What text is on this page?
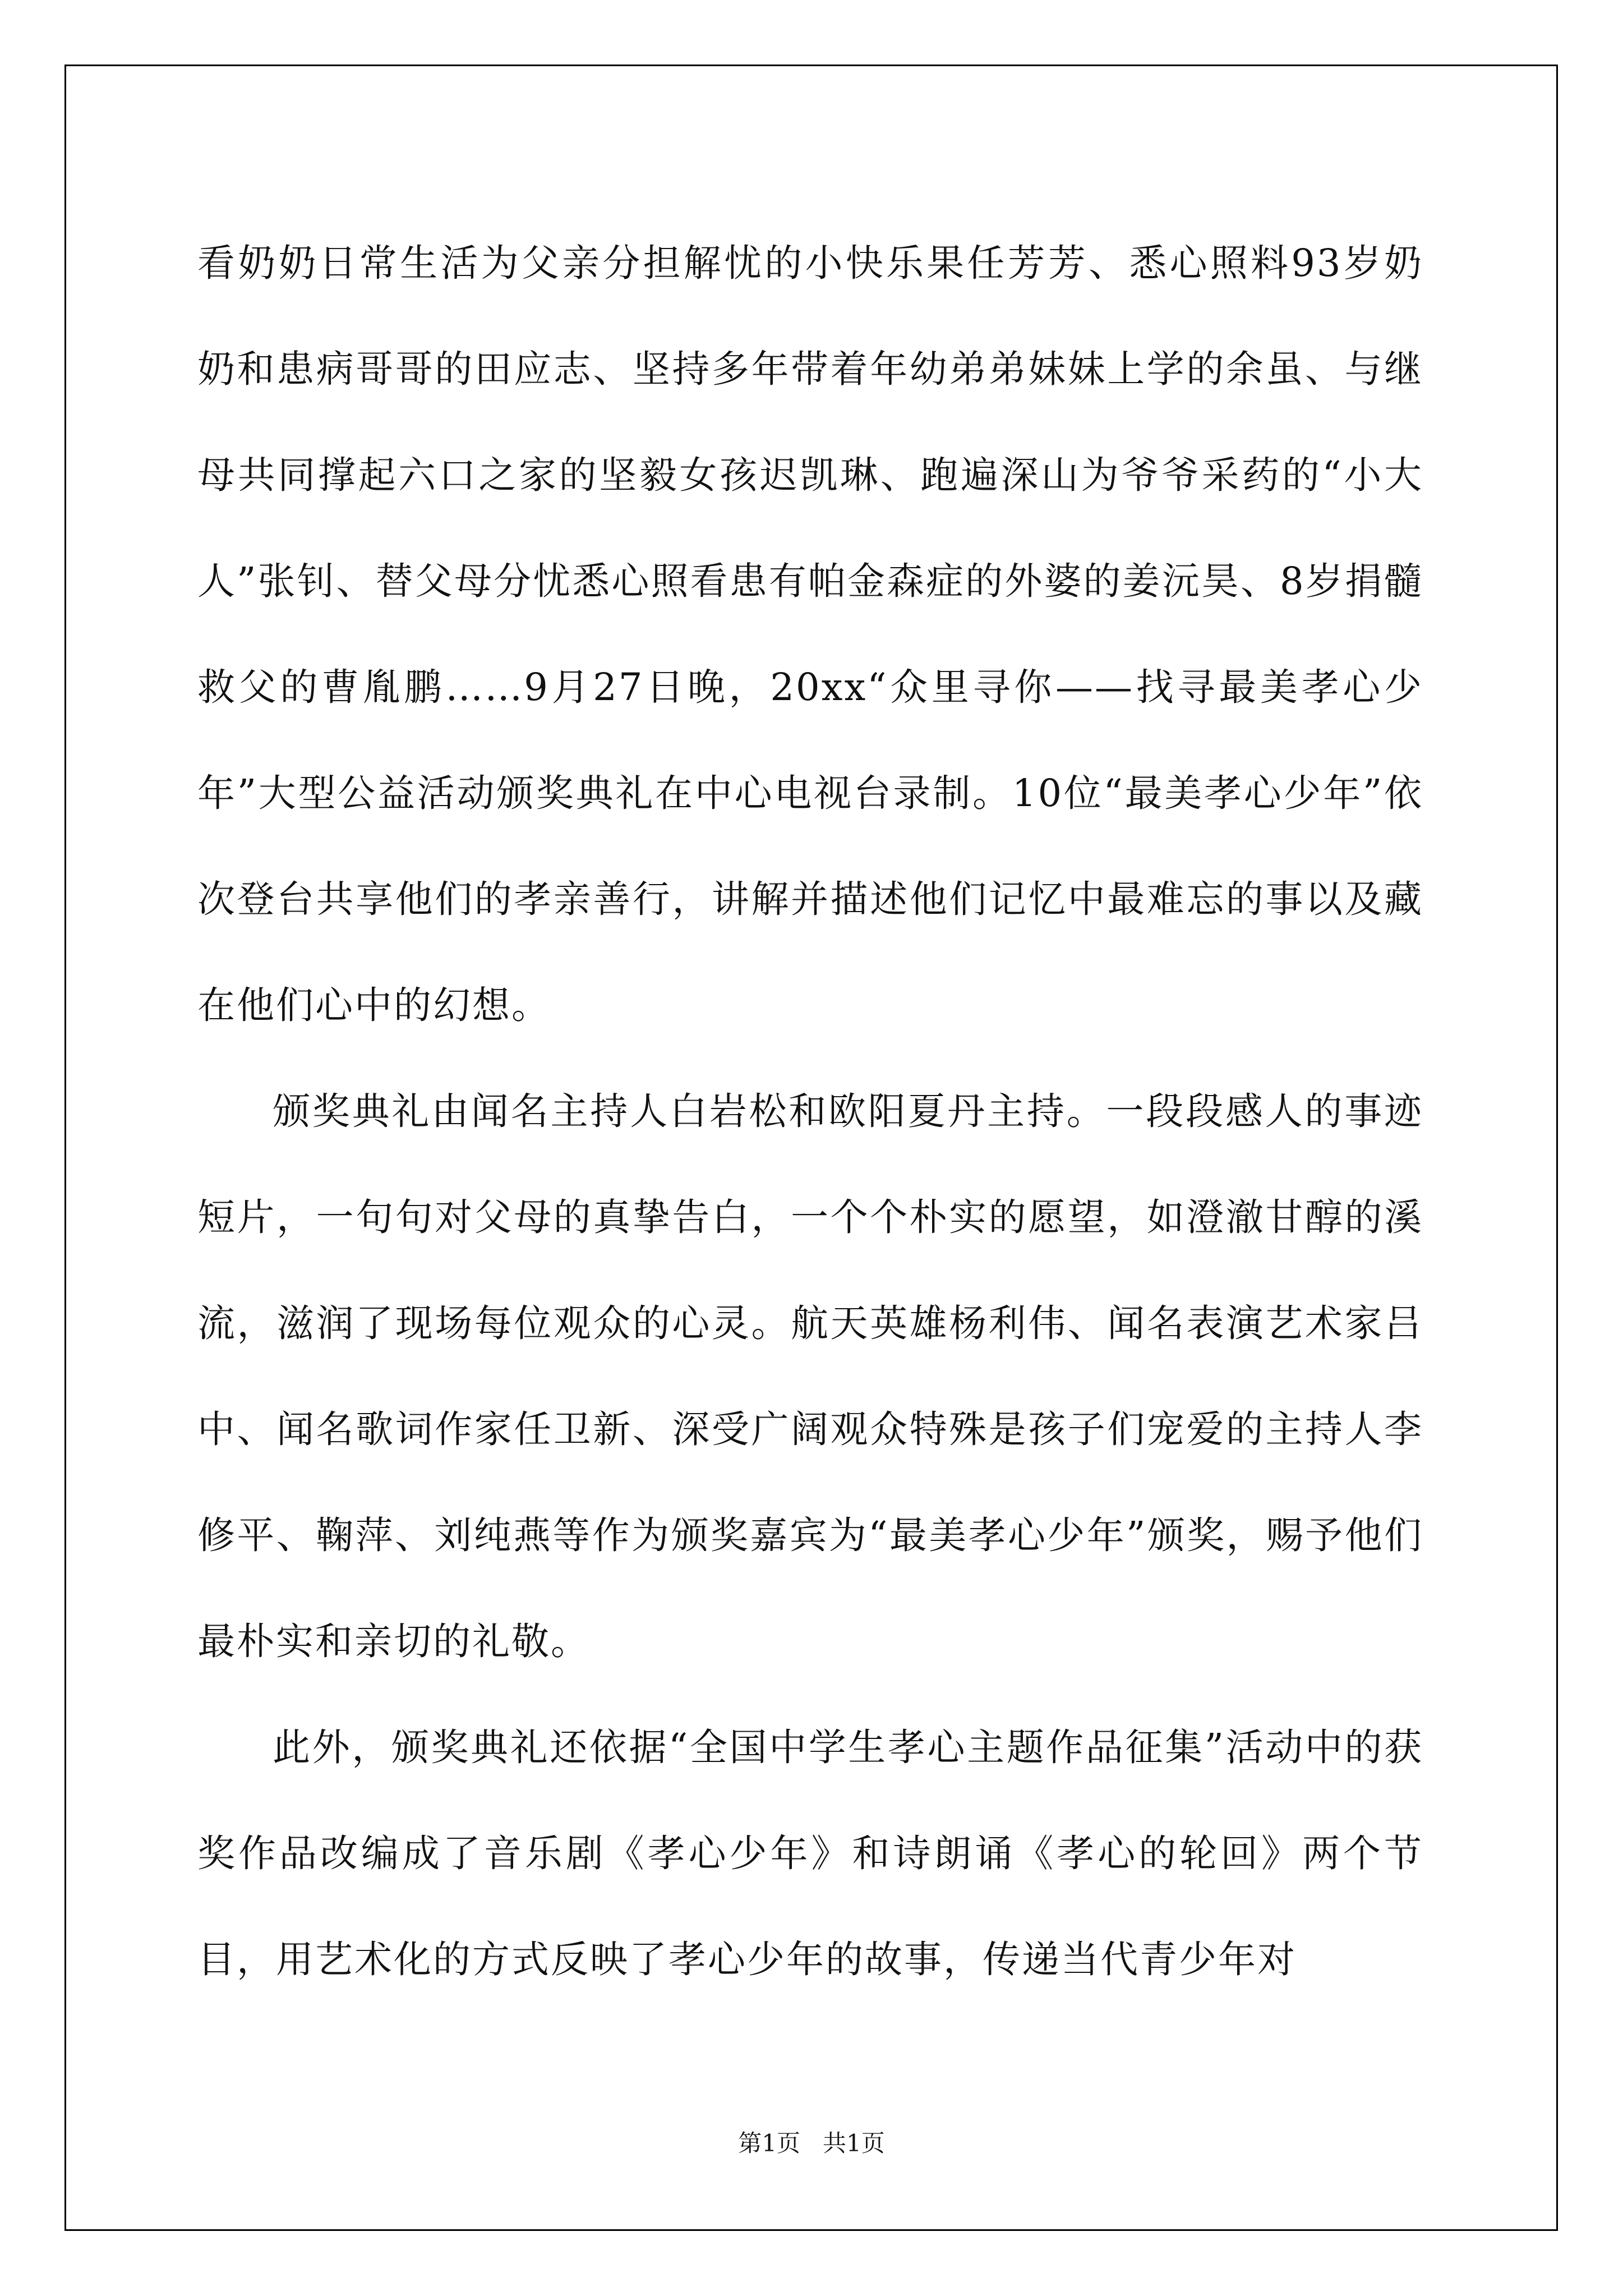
看奶奶日常生活为父亲分担解忧的小快乐果任芳芳、悉心照料93岁奶奶和患病哥哥的田应志、坚持多年带着年幼弟弟妹妹上学的余虽、与继母共同撑起六口之家的坚毅女孩迟凯琳、跑遍深山为爷爷采药的“小大人”张钊、替父母分忧悉心照看患有帕金森症的外婆的姜沅昊、8岁捐髓救父的曹胤鹏……9月27日晚，20xx“众里寻你——找寻最美孝心少年”大型公益活动颁奖典礼在中心电视台录制。10位“最美孝心少年”依次登台共享他们的孝亲善行，讲解并描述他们记忆中最难忘的事以及藏在他们心中的幻想。

颁奖典礼由闻名主持人白岩松和欧阳夏丹主持。一段段感人的事迹短片，一句句对父母的真挚告白，一个个朴实的愿望，如澄澈甘醇的溪流，滋润了现场每位观众的心灵。航天英雄杨利伟、闻名表演艺术家吕中、闻名歌词作家任卫新、深受广阔观众特殊是孩子们宠爱的主持人李修平、鞠萍、刘纯燕等作为颁奖嘉宾为“最美孝心少年”颁奖，赐予他们最朴实和亲切的礼敬。

此外，颁奖典礼还依据“全国中学生孝心主题作品征集”活动中的获奖作品改编成了音乐剧《孝心少年》和诗朗诵《孝心的轮回》两个节目，用艺术化的方式反映了孝心少年的故事，传递当代青少年对

第1页 共1页
